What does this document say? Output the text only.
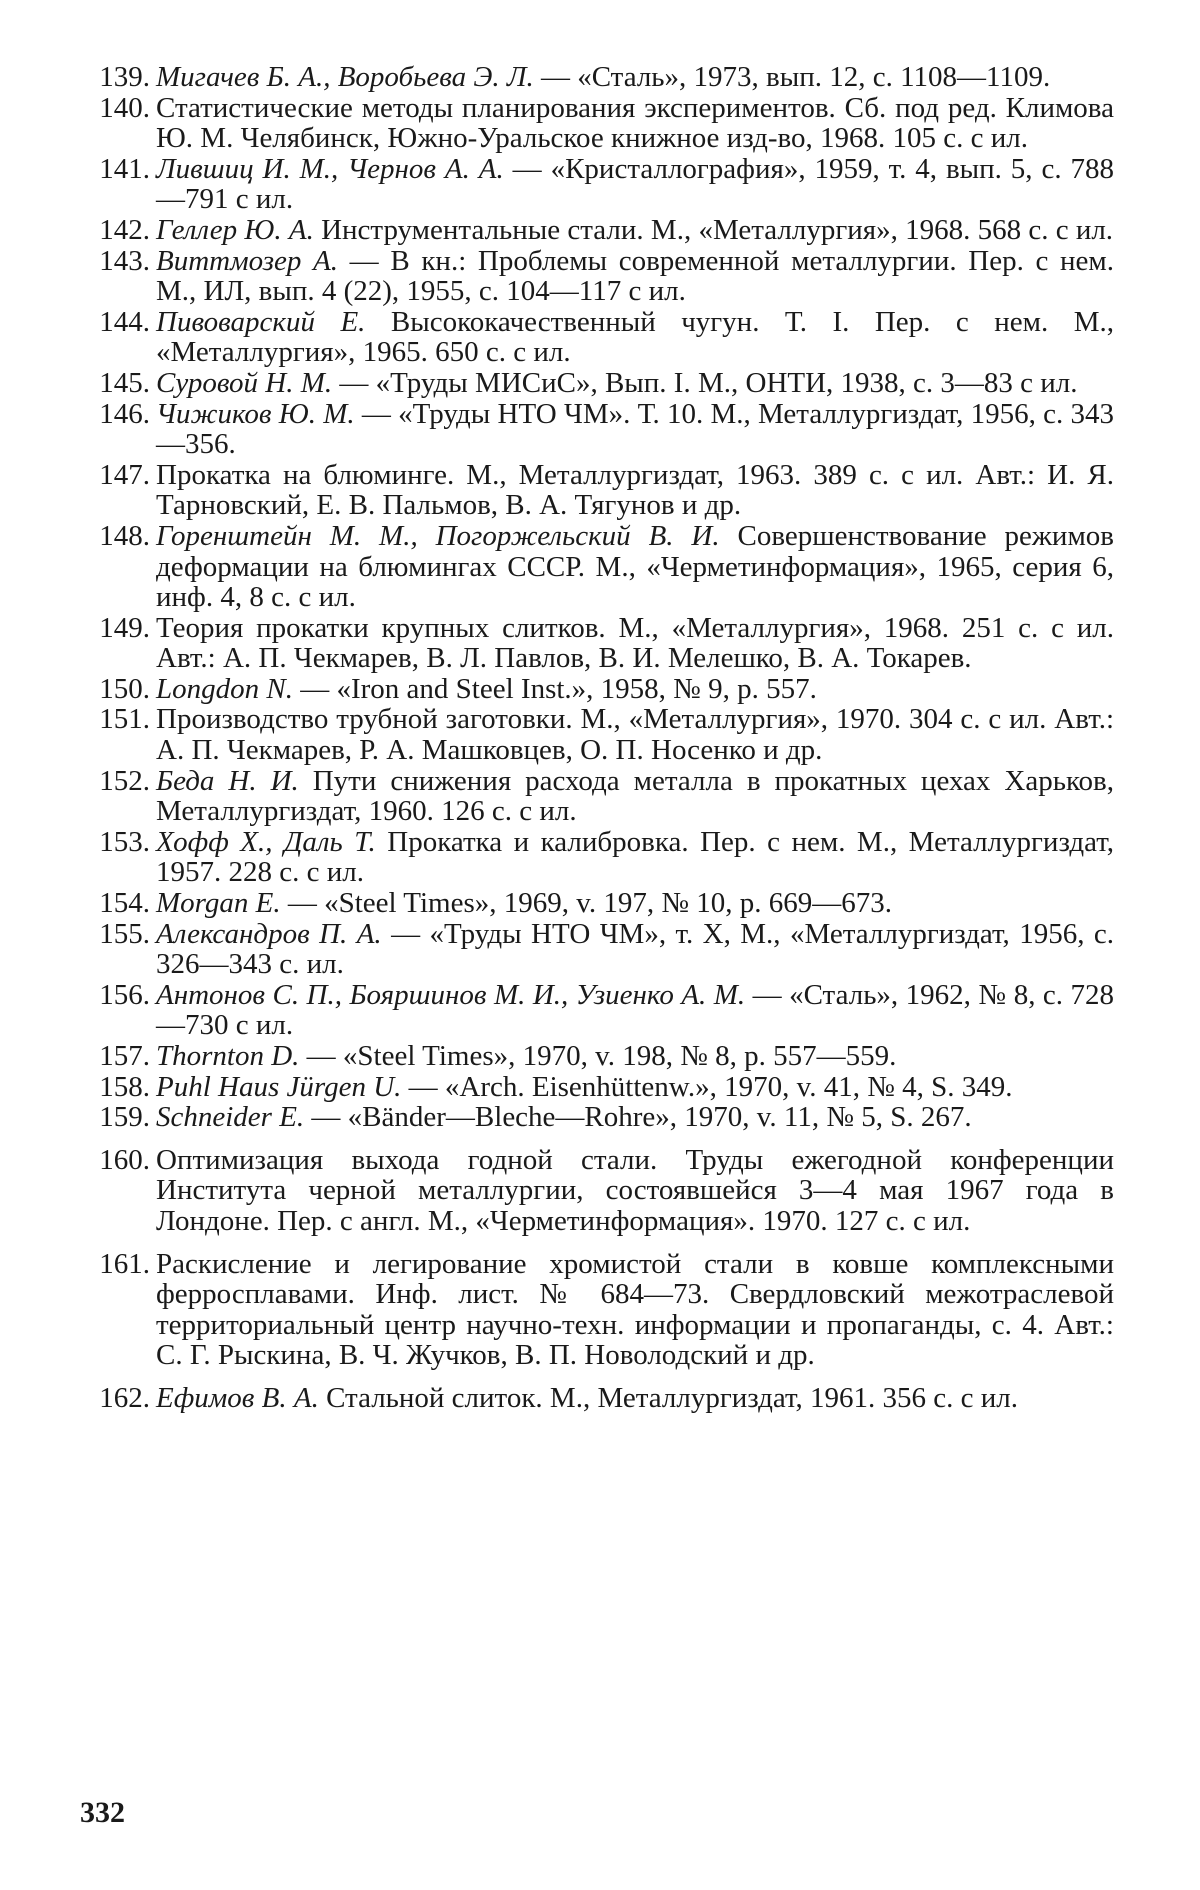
139. Мигачев Б. А., Воробьева Э. Л. — «Сталь», 1973, вып. 12, с. 1108—1109.
140. Статистические методы планирования экспериментов. Сб. под ред. Климова Ю. М. Челябинск, Южно-Уральское книжное изд-во, 1968. 105 с. с ил.
141. Лившиц И. М., Чернов А. А. — «Кристаллография», 1959, т. 4, вып. 5, с. 788—791 с ил.
142. Геллер Ю. А. Инструментальные стали. М., «Металлургия», 1968. 568 с. с ил.
143. Виттмозер А. — В кн.: Проблемы современной металлургии. Пер. с нем. М., ИЛ, вып. 4 (22), 1955, с. 104—117 с ил.
144. Пивоварский Е. Высококачественный чугун. Т. I. Пер. с нем. М., «Металлургия», 1965. 650 с. с ил.
145. Суровой Н. М. — «Труды МИСиС», Вып. I. М., ОНТИ, 1938, с. 3—83 с ил.
146. Чижиков Ю. М. — «Труды НТО ЧМ». Т. 10. М., Металлургиздат, 1956, с. 343—356.
147. Прокатка на блюминге. М., Металлургиздат, 1963. 389 с. с ил. Авт.: И. Я. Тарновский, Е. В. Пальмов, В. А. Тягунов и др.
148. Горенштейн М. М., Погоржельский В. И. Совершенствование режимов деформации на блюмингах СССР. М., «Черметинформация», 1965, серия 6, инф. 4, 8 с. с ил.
149. Теория прокатки крупных слитков. М., «Металлургия», 1968. 251 с. с ил. Авт.: А. П. Чекмарев, В. Л. Павлов, В. И. Мелешко, В. А. Токарев.
150. Longdon N. — «Iron and Steel Inst.», 1958, № 9, p. 557.
151. Производство трубной заготовки. М., «Металлургия», 1970. 304 с. с ил. Авт.: А. П. Чекмарев, Р. А. Машковцев, О. П. Носенко и др.
152. Беда Н. И. Пути снижения расхода металла в прокатных цехах Харьков, Металлургиздат, 1960. 126 с. с ил.
153. Хофф Х., Даль Т. Прокатка и калибровка. Пер. с нем. М., Металлургиздат, 1957. 228 с. с ил.
154. Morgan E. — «Steel Times», 1969, v. 197, № 10, p. 669—673.
155. Александров П. А. — «Труды НТО ЧМ», т. X, М., «Металлургиздат, 1956, с. 326—343 с. ил.
156. Антонов С. П., Бояршинов М. И., Узиенко А. М. — «Сталь», 1962, № 8, с. 728—730 с ил.
157. Thornton D. — «Steel Times», 1970, v. 198, № 8, p. 557—559.
158. Puhl Haus Jürgen U. — «Arch. Eisenhüttenw.», 1970, v. 41, № 4, S. 349.
159. Schneider E. — «Bänder—Bleche—Rohre», 1970, v. 11, № 5, S. 267.
160. Оптимизация выхода годной стали. Труды ежегодной конференции Института черной металлургии, состоявшейся 3—4 мая 1967 года в Лондоне. Пер. с англ. М., «Черметинформация». 1970. 127 с. с ил.
161. Раскисление и легирование хромистой стали в ковше комплексными ферросплавами. Инф. лист. № 684—73. Свердловский межотраслевой территориальный центр научно-техн. информации и пропаганды, с. 4. Авт.: С. Г. Рыскина, В. Ч. Жучков, В. П. Новолодский и др.
162. Ефимов В. А. Стальной слиток. М., Металлургиздат, 1961. 356 с. с ил.
332
